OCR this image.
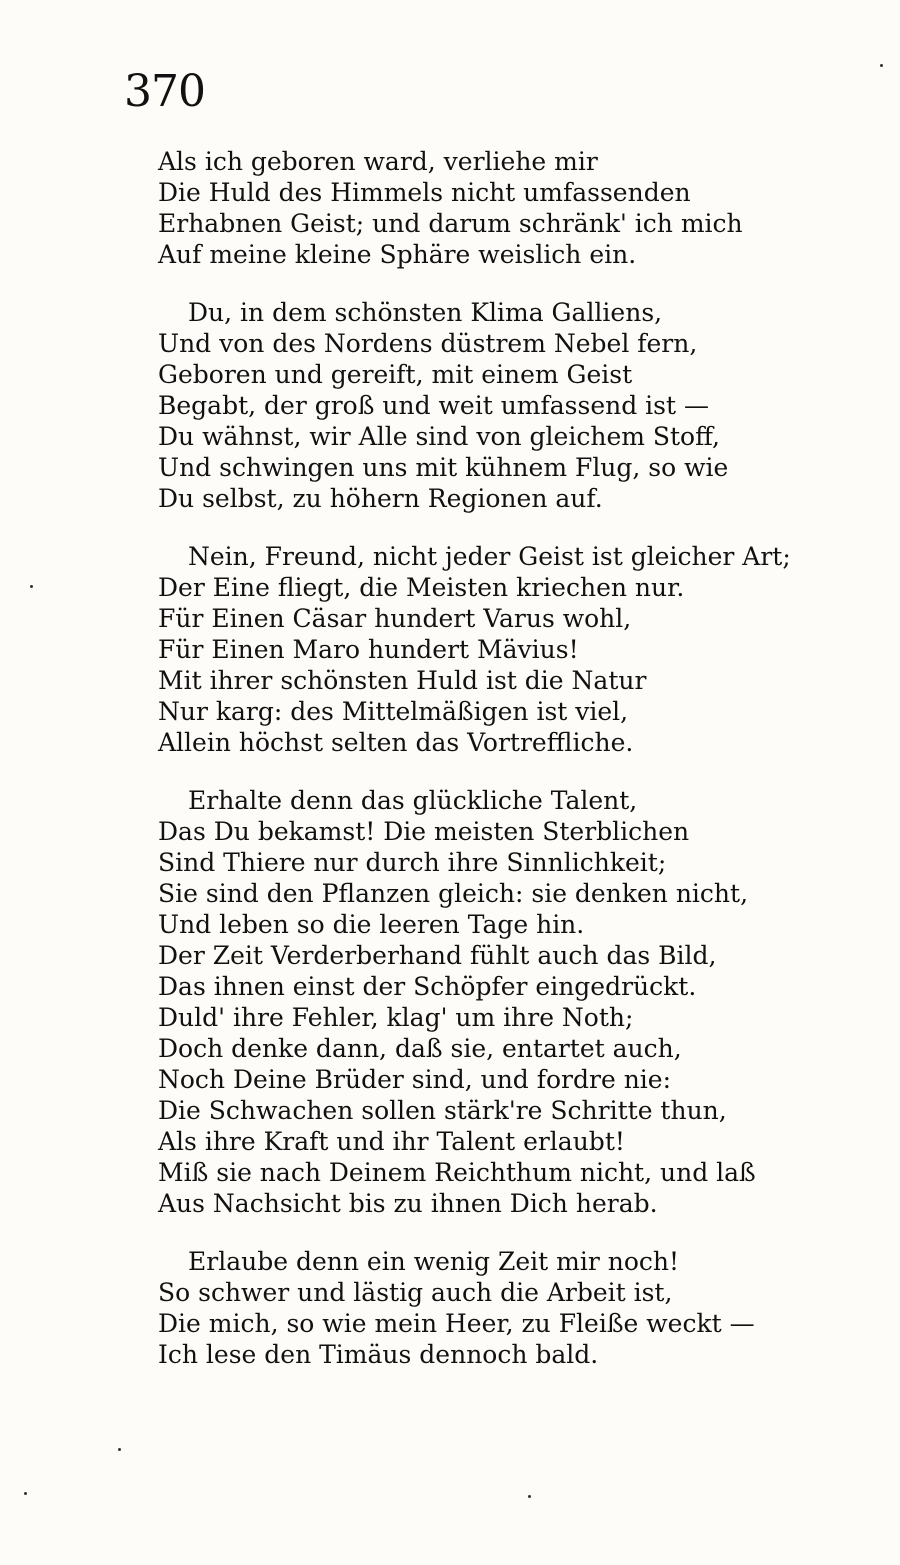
370
Als ich geboren ward, verliehe mir
Die Huld des Himmels nicht umfassenden
Erhabnen Geist; und darum schränk' ich mich
Auf meine kleine Sphäre weislich ein.
Du, in dem schönsten Klima Galliens,
Und von des Nordens düstrem Nebel fern,
Geboren und gereift, mit einem Geist
Begabt, der groß und weit umfassend ist —
Du wähnst, wir Alle sind von gleichem Stoff,
Und schwingen uns mit kühnem Flug, so wie
Du selbst, zu höhern Regionen auf.
Nein, Freund, nicht jeder Geist ist gleicher Art;
Der Eine fliegt, die Meisten kriechen nur.
Für Einen Cäsar hundert Varus wohl,
Für Einen Maro hundert Mävius!
Mit ihrer schönsten Huld ist die Natur
Nur karg: des Mittelmäßigen ist viel,
Allein höchst selten das Vortreffliche.
Erhalte denn das glückliche Talent,
Das Du bekamst! Die meisten Sterblichen
Sind Thiere nur durch ihre Sinnlichkeit;
Sie sind den Pflanzen gleich: sie denken nicht,
Und leben so die leeren Tage hin.
Der Zeit Verderberhand fühlt auch das Bild,
Das ihnen einst der Schöpfer eingedrückt.
Duld' ihre Fehler, klag' um ihre Noth;
Doch denke dann, daß sie, entartet auch,
Noch Deine Brüder sind, und fordre nie:
Die Schwachen sollen stärk're Schritte thun,
Als ihre Kraft und ihr Talent erlaubt!
Miß sie nach Deinem Reichthum nicht, und laß
Aus Nachsicht bis zu ihnen Dich herab.
Erlaube denn ein wenig Zeit mir noch!
So schwer und lästig auch die Arbeit ist,
Die mich, so wie mein Heer, zu Fleiße weckt —
Ich lese den Timäus dennoch bald.
